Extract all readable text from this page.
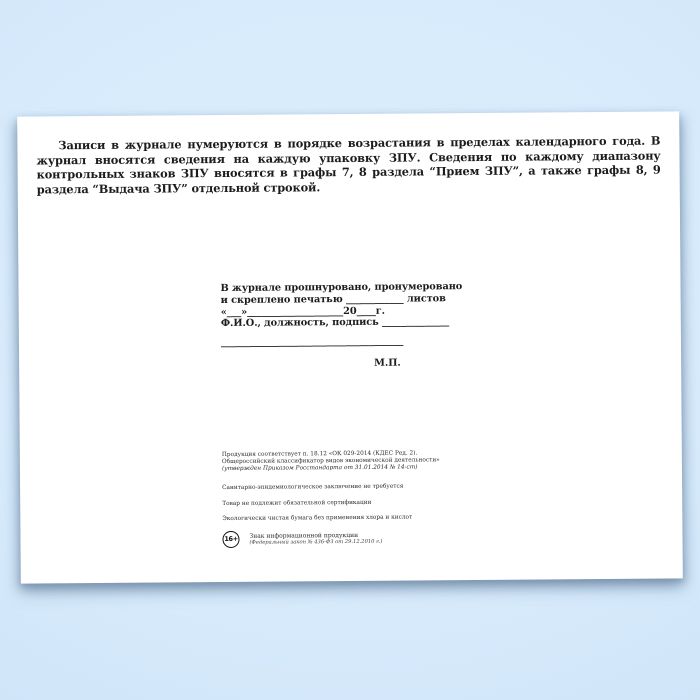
Записи в журнале нумеруются в порядке возрастания в пределах календарного года. В журнал вносятся сведения на каждую упаковку ЗПУ. Сведения по каждому диапазону контрольных знаков ЗПУ вносятся в графы 7, 8 раздела “Прием ЗПУ”, а также графы 8, 9 раздела “Выдача ЗПУ” отдельной строкой.

В журнале прошнуровано, пронумеровано
и скреплено печатью ____________ листов
«___»____________________20____г.
Ф.И.О., должность, подпись ______________
______________________________________
М.П.
Продукция соответствует п. 18.12 «ОК 029-2014 (КДЕС Ред. 2).
Общероссийский классификатор видов экономической деятельности»
(утвержден Приказом Росстандарта от 31.01.2014 № 14-ст)
Санитарно-эпидемиологическое заключение не требуется
Товар не подлежит обязательной сертификации
Экологически чистая бумага без применения хлора и кислот
16+	Знак информационной продукции
(Федеральный закон № 436-ФЗ от 29.12.2010 г.)
